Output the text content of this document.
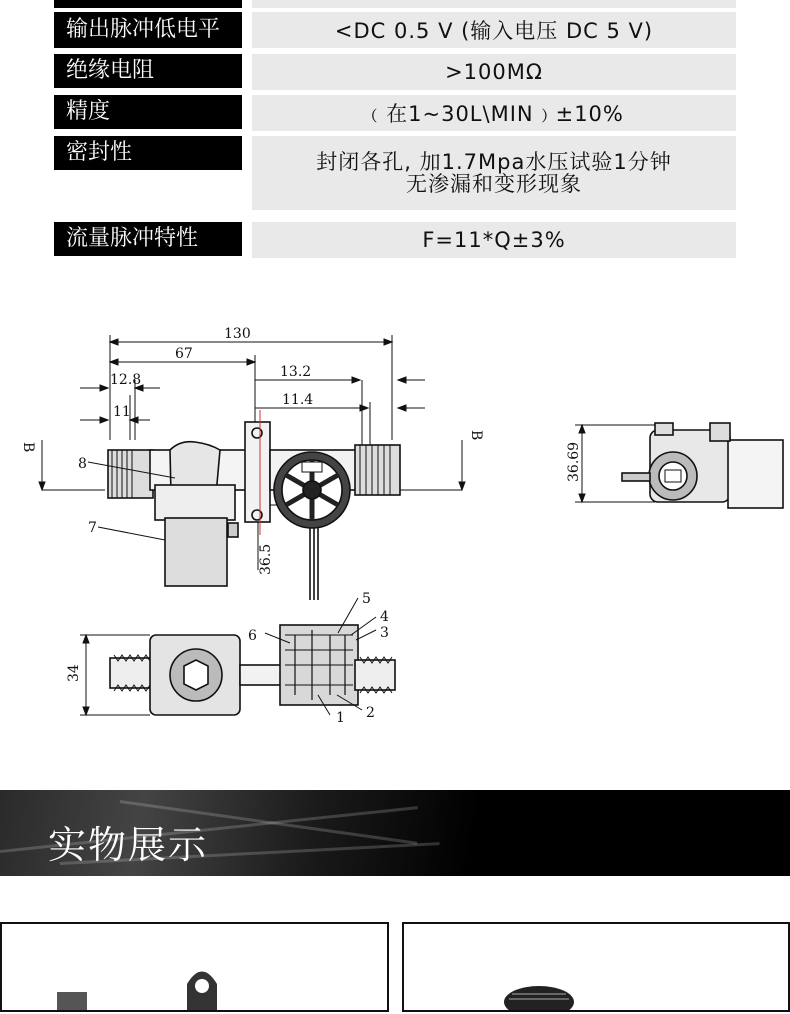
输出脉冲低电平	<DC 0.5 V (输入电压 DC 5 V)
绝缘电阻	>100MΩ
精度	﹙在1~30L\MIN﹚±10%
密封性	封闭各孔, 加1.7Mpa水压试验1分钟
无渗漏和变形现象
流量脉冲特性	F=11*Q±3%
130
67
12.8
11
13.2
11.4
36.5
36.69
34
B
B
1 2
3
4
5
6
7
8
实物展示
